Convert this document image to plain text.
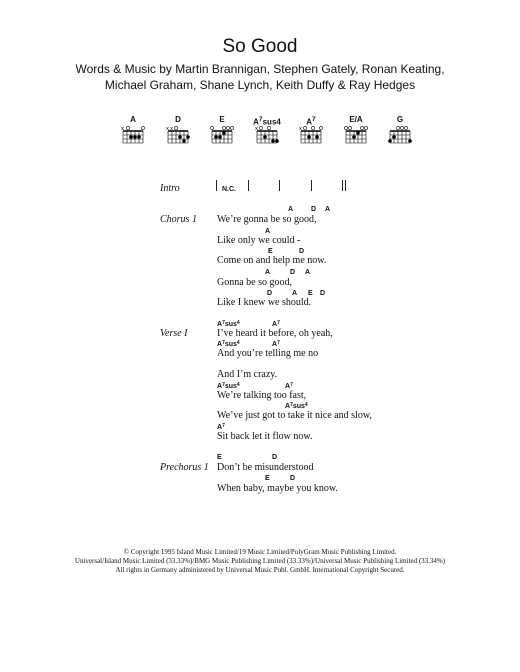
So Good
Words & Music by Martin Brannigan, Stephen Gately, Ronan Keating,
Michael Graham, Shane Lynch, Keith Duffy & Ray Hedges
A
x
D
x x
E	$A^7sus4$
x
$A^7$
x
E/A	G
Intro	N.C.
Chorus 1
A	D A
We’re gonna be so good,
A
Like only we could -
E	D
Come on and help me now.
A	D A
Gonna be so good,
D	A E D
Like I knew we should.
Verse I
$A^7sus^4$	$A^7$
I’ve heard it before, oh yeah,
$A^7sus^4$	$A^7$
And you’re telling me no
And I’m crazy.
$A^7sus^4$	$A^7$
We’re talking too fast,
$A^7sus^4$
We’ve just got to take it nice and slow,
$A^7$
Sit back let it flow now.
Prechorus 1
E	D
Don’t be misunderstood
E	D
When baby, maybe you know.
© Copyright 1995 Island Music Limited/19 Music Limited/PolyGram Music Publishing Limited.
Universal/Island Music Limited (33.33%)/BMG Music Publishing Limited (33.33%)/Universal Music Publishing Limited (33.34%)
All rights in Germany administered by Universal Music Publ. GmbH. International Copyright Secured.
